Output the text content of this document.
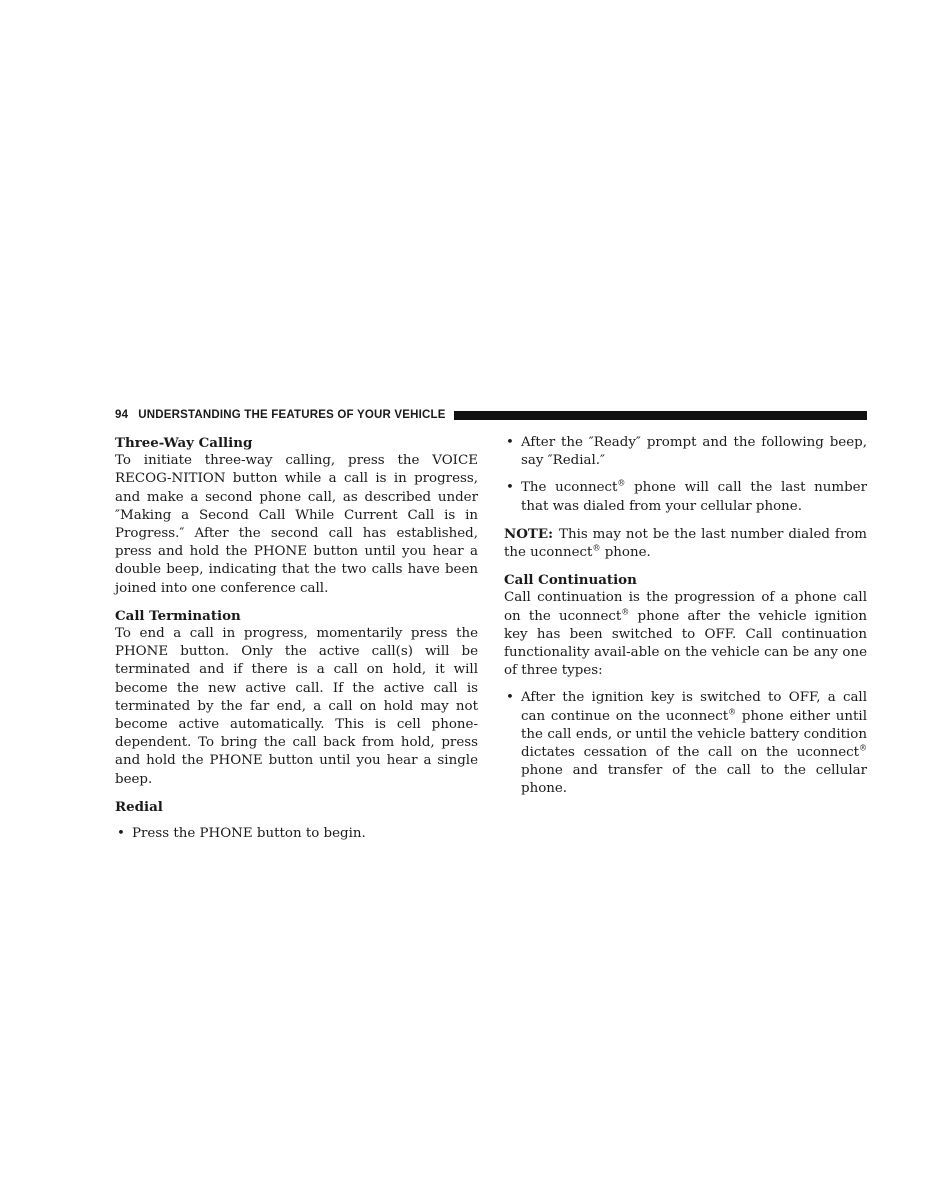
94 UNDERSTANDING THE FEATURES OF YOUR VEHICLE
Three-Way Calling

To initiate three-way calling, press the VOICE RECOG-NITION button while a call is in progress, and make a second phone call, as described under ″Making a Second Call While Current Call is in Progress.″ After the second call has established, press and hold the PHONE button until you hear a double beep, indicating that the two calls have been joined into one conference call.

Call Termination

To end a call in progress, momentarily press the PHONE button. Only the active call(s) will be terminated and if there is a call on hold, it will become the new active call. If the active call is terminated by the far end, a call on hold may not become active automatically. This is cell phone-dependent. To bring the call back from hold, press and hold the PHONE button until you hear a single beep.

Redial
• Press the PHONE button to begin.
• After the ″Ready″ prompt and the following beep, say ″Redial.″
• The uconnect® phone will call the last number that was dialed from your cellular phone.

NOTE: This may not be the last number dialed from the uconnect® phone.

Call Continuation

Call continuation is the progression of a phone call on the uconnect® phone after the vehicle ignition key has been switched to OFF. Call continuation functionality avail-able on the vehicle can be any one of three types:

• After the ignition key is switched to OFF, a call can continue on the uconnect® phone either until the call ends, or until the vehicle battery condition dictates cessation of the call on the uconnect® phone and transfer of the call to the cellular phone.
